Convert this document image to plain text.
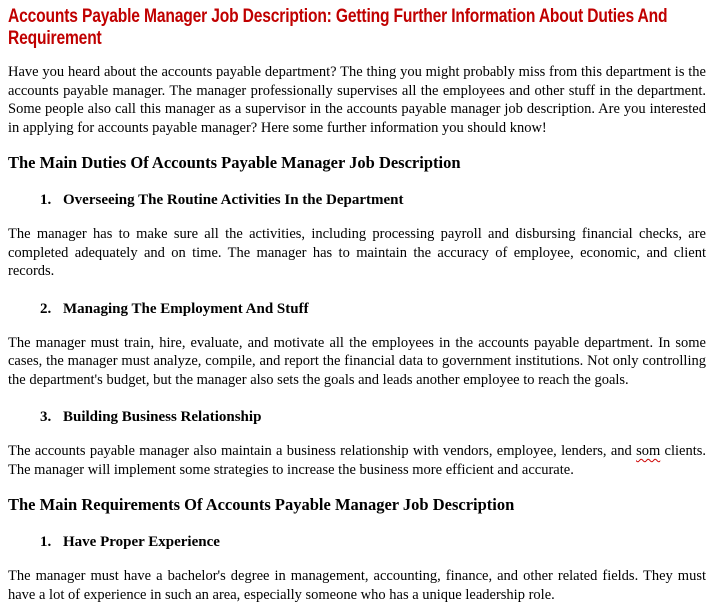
Accounts Payable Manager Job Description: Getting Further Information About Duties And Requirement

Have you heard about the accounts payable department? The thing you might probably miss from this department is the accounts payable manager. The manager professionally supervises all the employees and other stuff in the department. Some people also call this manager as a supervisor in the accounts payable manager job description. Are you interested in applying for accounts payable manager? Here some further information you should know!

The Main Duties Of Accounts Payable Manager Job Description
1. Overseeing The Routine Activities In the Department

The manager has to make sure all the activities, including processing payroll and disbursing financial checks, are completed adequately and on time. The manager has to maintain the accuracy of employee, economic, and client records.

2. Managing The Employment And Stuff

The manager must train, hire, evaluate, and motivate all the employees in the accounts payable department. In some cases, the manager must analyze, compile, and report the financial data to government institutions. Not only controlling the department's budget, but the manager also sets the goals and leads another employee to reach the goals.

3. Building Business Relationship

The accounts payable manager also maintain a business relationship with vendors, employee, lenders, and som clients. The manager will implement some strategies to increase the business more efficient and accurate.

The Main Requirements Of Accounts Payable Manager Job Description
1. Have Proper Experience

The manager must have a bachelor's degree in management, accounting, finance, and other related fields. They must have a lot of experience in such an area, especially someone who has a unique leadership role.
